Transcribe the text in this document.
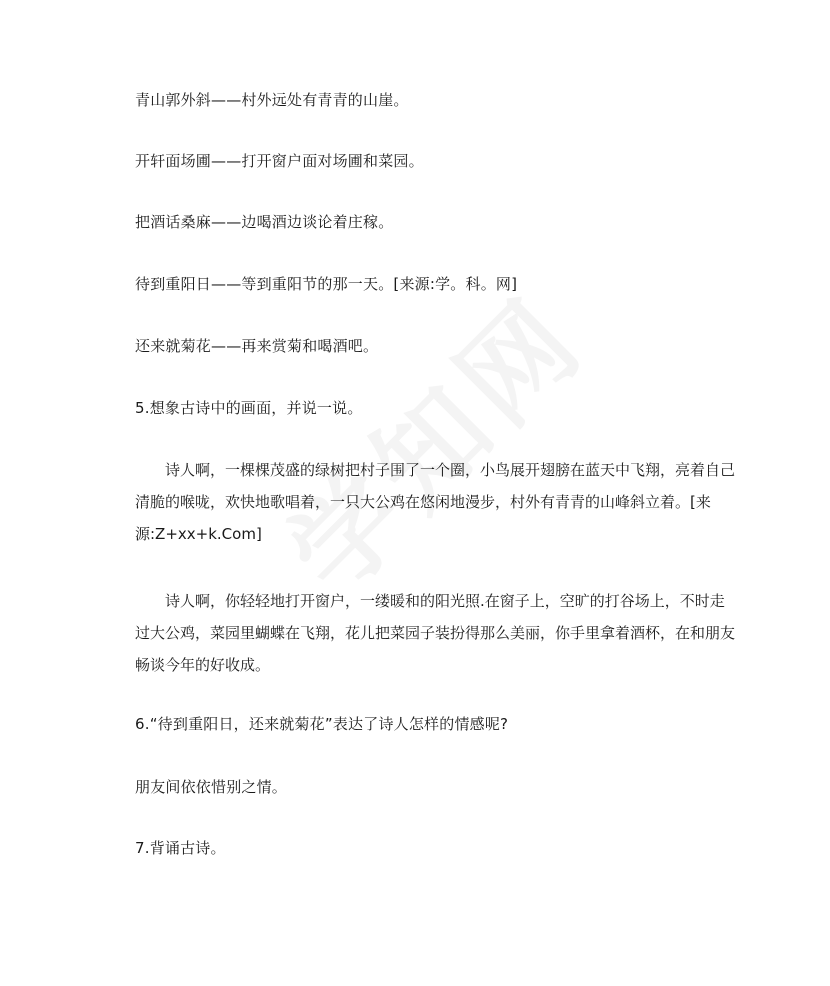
青山郭外斜——村外远处有青青的山崖。
开轩面场圃——打开窗户面对场圃和菜园。
把酒话桑麻——边喝酒边谈论着庄稼。
待到重阳日——等到重阳节的那一天。[来源:学。科。网]
还来就菊花——再来赏菊和喝酒吧。
5.想象古诗中的画面，并说一说。
诗人啊，一棵棵茂盛的绿树把村子围了一个圈，小鸟展开翅膀在蓝天中飞翔，亮着自己清脆的喉咙，欢快地歌唱着，一只大公鸡在悠闲地漫步，村外有青青的山峰斜立着。[来源:Z+xx+k.Com]
诗人啊，你轻轻地打开窗户，一缕暖和的阳光照.在窗子上，空旷的打谷场上，不时走过大公鸡，菜园里蝴蝶在飞翔，花儿把菜园子装扮得那么美丽，你手里拿着酒杯，在和朋友畅谈今年的好收成。
6.“待到重阳日，还来就菊花”表达了诗人怎样的情感呢?
朋友间依依惜别之情。
7.背诵古诗。
